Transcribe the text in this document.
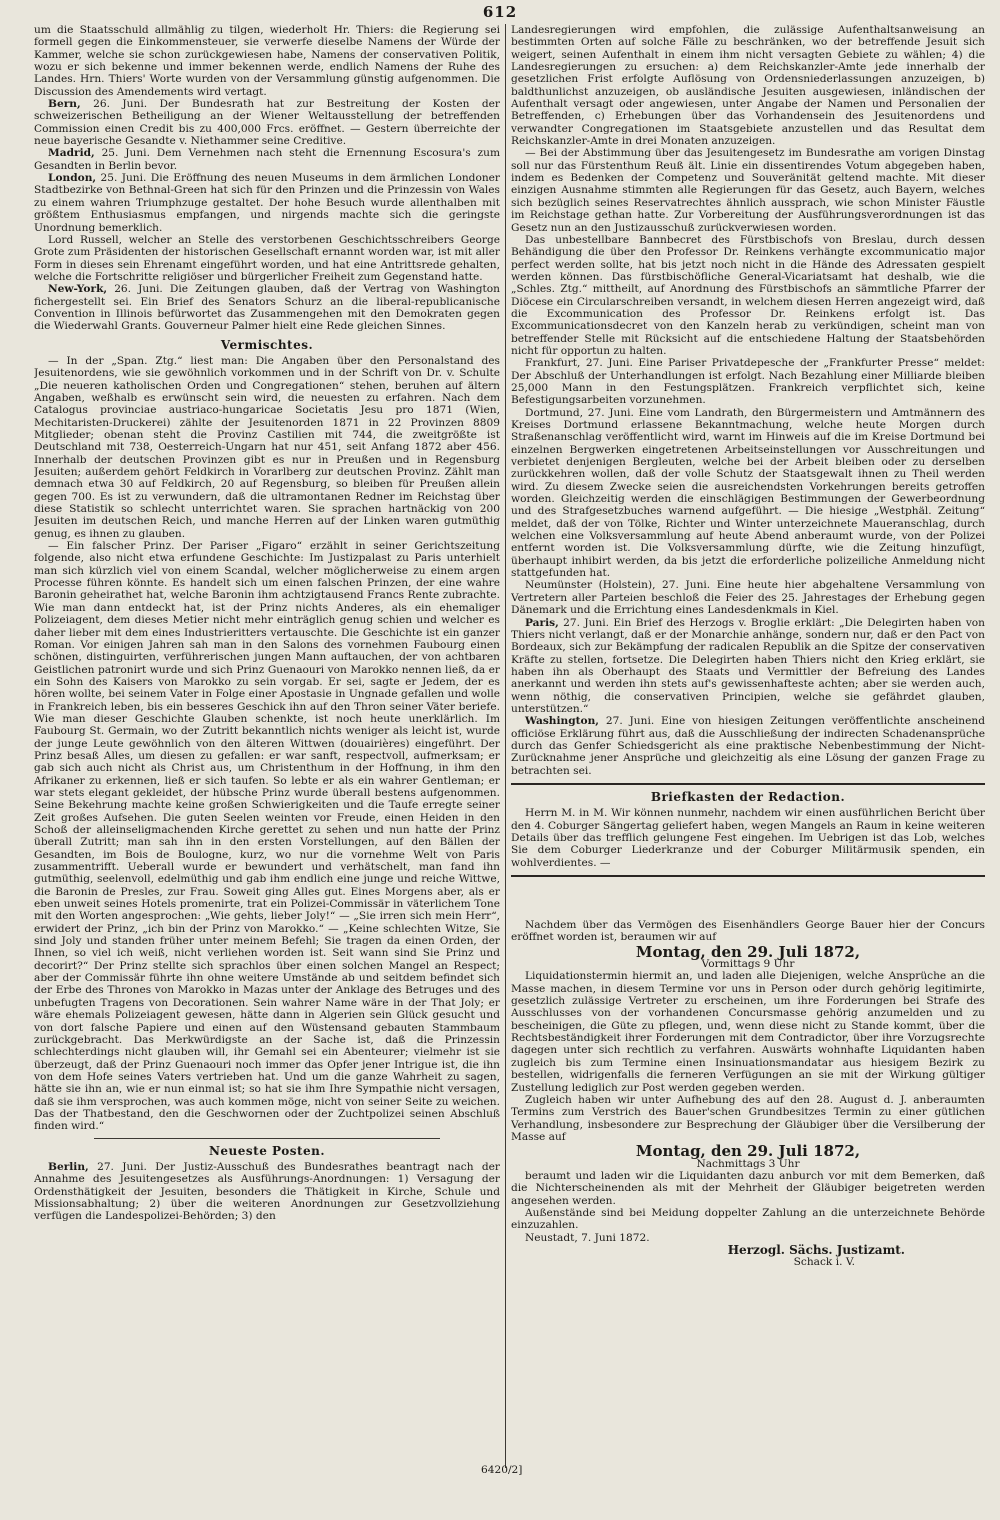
612

um die Staatsschuld allmählig zu tilgen, wiederholt Hr. Thiers: die Regierung sei formell gegen die Einkommensteuer, sie verwerfe dieselbe Namens der Würde der Kammer, welche sie schon zurückgewiesen habe, Namens der conservativen Politik, wozu er sich bekenne und immer bekennen werde, endlich Namens der Ruhe des Landes. Hrn. Thiers' Worte wurden von der Versammlung günstig aufgenommen. Die Discussion des Amendements wird vertagt.

Bern, 26. Juni. Der Bundesrath hat zur Bestreitung der Kosten der schweizerischen Betheiligung an der Wiener Weltausstellung der betreffenden Commission einen Credit bis zu 400,000 Frcs. eröffnet. — Gestern überreichte der neue bayerische Gesandte v. Niethammer seine Creditive.

Madrid, 25. Juni. Dem Vernehmen nach steht die Ernennung Escosura's zum Gesandten in Berlin bevor.

London, 25. Juni. Die Eröffnung des neuen Museums in dem ärmlichen Londoner Stadtbezirke von Bethnal-Green hat sich für den Prinzen und die Prinzessin von Wales zu einem wahren Triumphzuge gestaltet. Der hohe Besuch wurde allenthalben mit größtem Enthusiasmus empfangen, und nirgends machte sich die geringste Unordnung bemerklich.

Lord Russell, welcher an Stelle des verstorbenen Geschichtsschreibers George Grote zum Präsidenten der historischen Gesellschaft ernannt worden war, ist mit aller Form in dieses sein Ehrenamt eingeführt worden, und hat eine Antrittsrede gehalten, welche die Fortschritte religiöser und bürgerlicher Freiheit zum Gegenstand hatte.

New-York, 26. Juni. Die Zeitungen glauben, daß der Vertrag von Washington fichergestellt sei. Ein Brief des Senators Schurz an die liberal-republicanische Convention in Illinois befürwortet das Zusammengehen mit den Demokraten gegen die Wiederwahl Grants. Gouverneur Palmer hielt eine Rede gleichen Sinnes.

Vermischtes.

— In der „Span. Ztg.“ liest man: Die Angaben über den Personalstand des Jesuitenordens, wie sie gewöhnlich vorkommen und in der Schrift von Dr. v. Schulte „Die neueren katholischen Orden und Congregationen“ stehen, beruhen auf ältern Angaben, weßhalb es erwünscht sein wird, die neuesten zu erfahren. Nach dem Catalogus provinciae austriaco-hungaricae Societatis Jesu pro 1871 (Wien, Mechitaristen-Druckerei) zählte der Jesuitenorden 1871 in 22 Provinzen 8809 Mitglieder; obenan steht die Provinz Castilien mit 744, die zweitgrößte ist Deutschland mit 738, Oesterreich-Ungarn hat nur 451, seit Anfang 1872 aber 456. Innerhalb der deutschen Provinzen gibt es nur in Preußen und in Regensburg Jesuiten; außerdem gehört Feldkirch in Vorarlberg zur deutschen Provinz. Zählt man demnach etwa 30 auf Feldkirch, 20 auf Regensburg, so bleiben für Preußen allein gegen 700. Es ist zu verwundern, daß die ultramontanen Redner im Reichstag über diese Statistik so schlecht unterrichtet waren. Sie sprachen hartnäckig von 200 Jesuiten im deutschen Reich, und manche Herren auf der Linken waren gutmüthig genug, es ihnen zu glauben.

— Ein falscher Prinz. Der Pariser „Figaro“ erzählt in seiner Gerichtszeitung folgende, also nicht etwa erfundene Geschichte: Im Justizpalast zu Paris unterhielt man sich kürzlich viel von einem Scandal, welcher möglicherweise zu einem argen Processe führen könnte. Es handelt sich um einen falschen Prinzen, der eine wahre Baronin geheirathet hat, welche Baronin ihm achtzigtausend Francs Rente zubrachte. Wie man dann entdeckt hat, ist der Prinz nichts Anderes, als ein ehemaliger Polizeiagent, dem dieses Metier nicht mehr einträglich genug schien und welcher es daher lieber mit dem eines Industrieritters vertauschte. Die Geschichte ist ein ganzer Roman. Vor einigen Jahren sah man in den Salons des vornehmen Faubourg einen schönen, distinguirten, verführerischen jungen Mann auftauchen, der von achtbaren Geistlichen patronirt wurde und sich Prinz Guenaouri von Marokko nennen ließ, da er ein Sohn des Kaisers von Marokko zu sein vorgab. Er sei, sagte er Jedem, der es hören wollte, bei seinem Vater in Folge einer Apostasie in Ungnade gefallen und wolle in Frankreich leben, bis ein besseres Geschick ihn auf den Thron seiner Väter beriefe. Wie man dieser Geschichte Glauben schenkte, ist noch heute unerklärlich. Im Faubourg St. Germain, wo der Zutritt bekanntlich nichts weniger als leicht ist, wurde der junge Leute gewöhnlich von den älteren Wittwen (douairières) eingeführt. Der Prinz besaß Alles, um diesen zu gefallen: er war sanft, respectvoll, aufmerksam; er gab sich auch nicht als Christ aus, um Christenthum in der Hoffnung, in ihm den Afrikaner zu erkennen, ließ er sich taufen. So lebte er als ein wahrer Gentleman; er war stets elegant gekleidet, der hübsche Prinz wurde überall bestens aufgenommen. Seine Bekehrung machte keine großen Schwierigkeiten und die Taufe erregte seiner Zeit großes Aufsehen. Die guten Seelen weinten vor Freude, einen Heiden in den Schoß der alleinseligmachenden Kirche gerettet zu sehen und nun hatte der Prinz überall Zutritt; man sah ihn in den ersten Vorstellungen, auf den Bällen der Gesandten, im Bois de Boulogne, kurz, wo nur die vornehme Welt von Paris zusammentrifft. Ueberall wurde er bewundert und verhätschelt, man fand ihn gutmüthig, seelenvoll, edelmüthig und gab ihm endlich eine junge und reiche Wittwe, die Baronin de Presles, zur Frau. Soweit ging Alles gut. Eines Morgens aber, als er eben unweit seines Hotels promenirte, trat ein Polizei-Commissär in väterlichem Tone mit den Worten angesprochen: „Wie gehts, lieber Joly!“ — „Sie irren sich mein Herr“, erwidert der Prinz, „ich bin der Prinz von Marokko.“ — „Keine schlechten Witze, Sie sind Joly und standen früher unter meinem Befehl; Sie tragen da einen Orden, der Ihnen, so viel ich weiß, nicht verliehen worden ist. Seit wann sind Sie Prinz und decorirt?“ Der Prinz stellte sich sprachlos über einen solchen Mangel an Respect; aber der Commissär führte ihn ohne weitere Umstände ab und seitdem befindet sich der Erbe des Thrones von Marokko in Mazas unter der Anklage des Betruges und des unbefugten Tragens von Decorationen. Sein wahrer Name wäre in der That Joly; er wäre ehemals Polizeiagent gewesen, hätte dann in Algerien sein Glück gesucht und von dort falsche Papiere und einen auf den Wüstensand gebauten Stammbaum zurückgebracht. Das Merkwürdigste an der Sache ist, daß die Prinzessin schlechterdings nicht glauben will, ihr Gemahl sei ein Abenteurer; vielmehr ist sie überzeugt, daß der Prinz Guenaouri noch immer das Opfer jener Intrigue ist, die ihn von dem Hofe seines Vaters vertrieben hat. Und um die ganze Wahrheit zu sagen, hätte sie ihn an, wie er nun einmal ist; so hat sie ihm Ihre Sympathie nicht versagen, daß sie ihm versprochen, was auch kommen möge, nicht von seiner Seite zu weichen. Das der Thatbestand, den die Geschwornen oder der Zuchtpolizei seinen Abschluß finden wird.“

Neueste Posten.

Berlin, 27. Juni. Der Justiz-Ausschuß des Bundesrathes beantragt nach der Annahme des Jesuitengesetzes als Ausführungs-Anordnungen: 1) Versagung der Ordensthätigkeit der Jesuiten, besonders die Thätigkeit in Kirche, Schule und Missionsabhaltung; 2) über die weiteren Anordnungen zur Gesetzvollziehung verfügen die Landespolizei-Behörden; 3) den

Landesregierungen wird empfohlen, die zulässige Aufenthaltsanweisung an bestimmten Orten auf solche Fälle zu beschränken, wo der betreffende Jesuit sich weigert, seinen Aufenthalt in einem ihm nicht versagten Gebiete zu wählen; 4) die Landesregierungen zu ersuchen: a) dem Reichskanzler-Amte jede innerhalb der gesetzlichen Frist erfolgte Auflösung von Ordensniederlassungen anzuzeigen, b) baldthunlichst anzuzeigen, ob ausländische Jesuiten ausgewiesen, inländischen der Aufenthalt versagt oder angewiesen, unter Angabe der Namen und Personalien der Betreffenden, c) Erhebungen über das Vorhandensein des Jesuitenordens und verwandter Congregationen im Staatsgebiete anzustellen und das Resultat dem Reichskanzler-Amte in drei Monaten anzuzeigen.

— Bei der Abstimmung über das Jesuitengesetz im Bundesrathe am vorigen Dinstag soll nur das Fürstenthum Reuß ält. Linie ein dissentirendes Votum abgegeben haben, indem es Bedenken der Competenz und Souveränität geltend machte. Mit dieser einzigen Ausnahme stimmten alle Regierungen für das Gesetz, auch Bayern, welches sich bezüglich seines Reservatrechtes ähnlich aussprach, wie schon Minister Fäustle im Reichstage gethan hatte. Zur Vorbereitung der Ausführungsverordnungen ist das Gesetz nun an den Justizausschuß zurückverwiesen worden.

Das unbestellbare Bannbecret des Fürstbischofs von Breslau, durch dessen Behändigung die über den Professor Dr. Reinkens verhängte excommunicatio major perfect werden sollte, hat bis jetzt noch nicht in die Hände des Adressaten gespielt werden können. Das fürstbischöfliche General-Vicariatsamt hat deshalb, wie die „Schles. Ztg.“ mittheilt, auf Anordnung des Fürstbischofs an sämmtliche Pfarrer der Diöcese ein Circularschreiben versandt, in welchem diesen Herren angezeigt wird, daß die Excommunication des Professor Dr. Reinkens erfolgt ist. Das Excommunicationsdecret von den Kanzeln herab zu verkündigen, scheint man von betreffender Stelle mit Rücksicht auf die entschiedene Haltung der Staatsbehörden nicht für opportun zu halten.

Frankfurt, 27. Juni. Eine Pariser Privatdepesche der „Frankfurter Presse“ meldet: Der Abschluß der Unterhandlungen ist erfolgt. Nach Bezahlung einer Milliarde bleiben 25,000 Mann in den Festungsplätzen. Frankreich verpflichtet sich, keine Befestigungsarbeiten vorzunehmen.

Dortmund, 27. Juni. Eine vom Landrath, den Bürgermeistern und Amtmännern des Kreises Dortmund erlassene Bekanntmachung, welche heute Morgen durch Straßenanschlag veröffentlicht wird, warnt im Hinweis auf die im Kreise Dortmund bei einzelnen Bergwerken eingetretenen Arbeitseinstellungen vor Ausschreitungen und verbietet denjenigen Bergleuten, welche bei der Arbeit bleiben oder zu derselben zurückkehren wollen, daß der volle Schutz der Staatsgewalt ihnen zu Theil werden wird. Zu diesem Zwecke seien die ausreichendsten Vorkehrungen bereits getroffen worden. Gleichzeitig werden die einschlägigen Bestimmungen der Gewerbeordnung und des Strafgesetzbuches warnend aufgeführt. — Die hiesige „Westphäl. Zeitung“ meldet, daß der von Tölke, Richter und Winter unterzeichnete Maueranschlag, durch welchen eine Volksversammlung auf heute Abend anberaumt wurde, von der Polizei entfernt worden ist. Die Volksversammlung dürfte, wie die Zeitung hinzufügt, überhaupt inhibirt werden, da bis jetzt die erforderliche polizeiliche Anmeldung nicht stattgefunden hat.

Neumünster (Holstein), 27. Juni. Eine heute hier abgehaltene Versammlung von Vertretern aller Parteien beschloß die Feier des 25. Jahrestages der Erhebung gegen Dänemark und die Errichtung eines Landesdenkmals in Kiel.

Paris, 27. Juni. Ein Brief des Herzogs v. Broglie erklärt: „Die Delegirten haben von Thiers nicht verlangt, daß er der Monarchie anhänge, sondern nur, daß er den Pact von Bordeaux, sich zur Bekämpfung der radicalen Republik an die Spitze der conservativen Kräfte zu stellen, fortsetze. Die Delegirten haben Thiers nicht den Krieg erklärt, sie haben ihn als Oberhaupt des Staats und Vermittler der Befreiung des Landes anerkannt und werden ihn stets auf's gewissenhafteste achten; aber sie werden auch, wenn nöthig, die conservativen Principien, welche sie gefährdet glauben, unterstützen.“

Washington, 27. Juni. Eine von hiesigen Zeitungen veröffentlichte anscheinend officiöse Erklärung führt aus, daß die Ausschließung der indirecten Schadenansprüche durch das Genfer Schiedsgericht als eine praktische Nebenbestimmung der Nicht-Zurücknahme jener Ansprüche und gleichzeitig als eine Lösung der ganzen Frage zu betrachten sei.

Briefkasten der Redaction.

Herrn M. in M. Wir können nunmehr, nachdem wir einen ausführlichen Bericht über den 4. Coburger Sängertag geliefert haben, wegen Mangels an Raum in keine weiteren Details über das trefflich gelungene Fest eingehen. Im Uebrigen ist das Lob, welches Sie dem Coburger Liederkranze und der Coburger Militärmusik spenden, ein wohlverdientes. —

Nachdem über das Vermögen des Eisenhändlers George Bauer hier der Concurs eröffnet worden ist, beraumen wir auf

Montag, den 29. Juli 1872,
Vormittags 9 Uhr

Liquidationstermin hiermit an, und laden alle Diejenigen, welche Ansprüche an die Masse machen, in diesem Termine vor uns in Person oder durch gehörig legitimirte, gesetzlich zulässige Vertreter zu erscheinen, um ihre Forderungen bei Strafe des Ausschlusses von der vorhandenen Concursmasse gehörig anzumelden und zu bescheinigen, die Güte zu pflegen, und, wenn diese nicht zu Stande kommt, über die Rechtsbeständigkeit ihrer Forderungen mit dem Contradictor, über ihre Vorzugsrechte dagegen unter sich rechtlich zu verfahren. Auswärts wohnhafte Liquidanten haben zugleich bis zum Termine einen Insinuationsmandatar aus hiesigem Bezirk zu bestellen, widrigenfalls die ferneren Verfügungen an sie mit der Wirkung gültiger Zustellung lediglich zur Post werden gegeben werden.

Zugleich haben wir unter Aufhebung des auf den 28. August d. J. anberaumten Termins zum Verstrich des Bauer'schen Grundbesitzes Termin zu einer gütlichen Verhandlung, insbesondere zur Besprechung der Gläubiger über die Versilberung der Masse auf

Montag, den 29. Juli 1872,
Nachmittags 3 Uhr

beraumt und laden wir die Liquidanten dazu anburch vor mit dem Bemerken, daß die Nichterscheinenden als mit der Mehrheit der Gläubiger beigetreten werden angesehen werden.

Außenstände sind bei Meidung doppelter Zahlung an die unterzeichnete Behörde einzuzahlen.

Neustadt, 7. Juni 1872.

Herzogl. Sächs. Justizamt.
Schack i. V.
6420/2]
